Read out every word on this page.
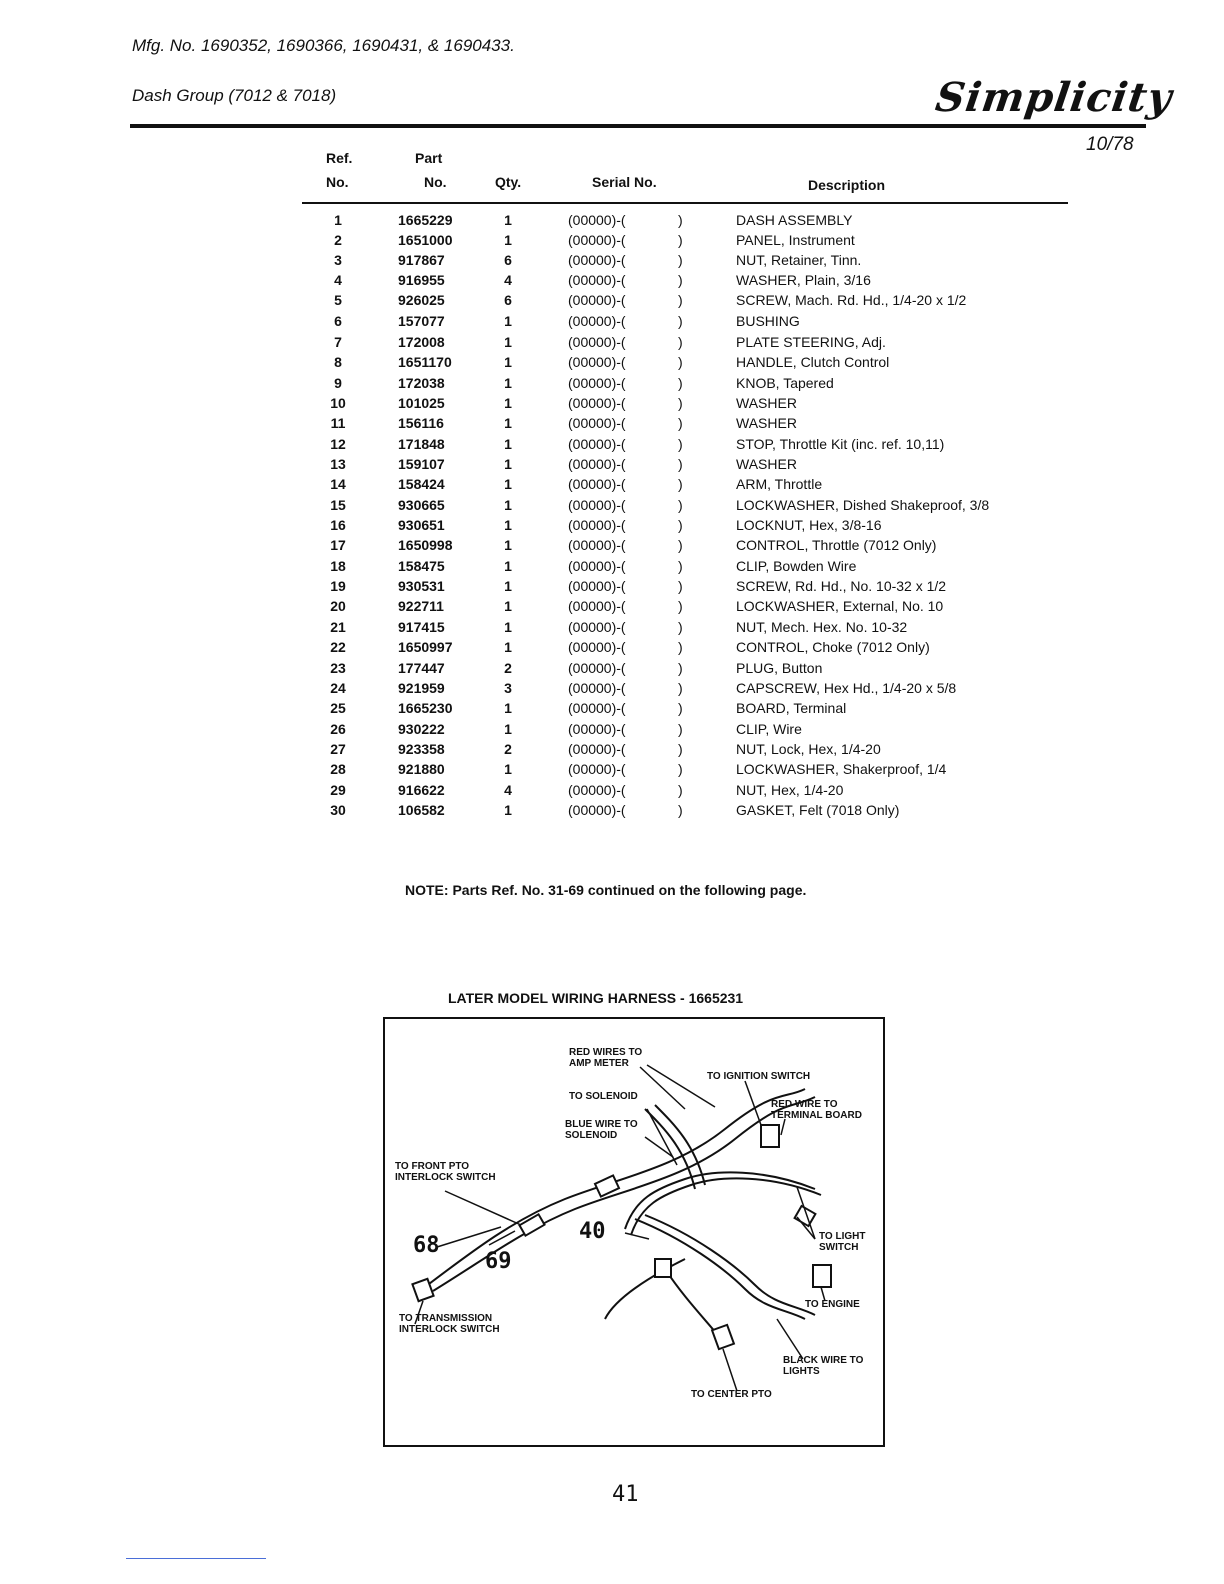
Mfg. No. 1690352, 1690366, 1690431, & 1690433.
Dash Group (7012 & 7018)	Simplicity
10/78
Ref.
No.
Part
No.	Qty.	Serial No.	Description
1	1665229	1	(00000)-(	)	DASH ASSEMBLY
2	1651000	1	(00000)-(	)	PANEL, Instrument
3	917867	6	(00000)-(	)	NUT, Retainer, Tinn.
4	916955	4	(00000)-(	)	WASHER, Plain, 3/16
5	926025	6	(00000)-(	)	SCREW, Mach. Rd. Hd., 1/4-20 x 1/2
6	157077	1	(00000)-(	)	BUSHING
7	172008	1	(00000)-(	)	PLATE STEERING, Adj.
8	1651170	1	(00000)-(	)	HANDLE, Clutch Control
9	172038	1	(00000)-(	)	KNOB, Tapered
10	101025	1	(00000)-(	)	WASHER
11	156116	1	(00000)-(	)	WASHER
12	171848	1	(00000)-(	)	STOP, Throttle Kit (inc. ref. 10,11)
13	159107	1	(00000)-(	)	WASHER
14	158424	1	(00000)-(	)	ARM, Throttle
15	930665	1	(00000)-(	)	LOCKWASHER, Dished Shakeproof, 3/8
16	930651	1	(00000)-(	)	LOCKNUT, Hex, 3/8-16
17	1650998	1	(00000)-(	)	CONTROL, Throttle (7012 Only)
18	158475	1	(00000)-(	)	CLIP, Bowden Wire
19	930531	1	(00000)-(	)	SCREW, Rd. Hd., No. 10-32 x 1/2
20	922711	1	(00000)-(	)	LOCKWASHER, External, No. 10
21	917415	1	(00000)-(	)	NUT, Mech. Hex. No. 10-32
22	1650997	1	(00000)-(	)	CONTROL, Choke (7012 Only)
23	177447	2	(00000)-(	)	PLUG, Button
24	921959	3	(00000)-(	)	CAPSCREW, Hex Hd., 1/4-20 x 5/8
25	1665230	1	(00000)-(	)	BOARD, Terminal
26	930222	1	(00000)-(	)	CLIP, Wire
27	923358	2	(00000)-(	)	NUT, Lock, Hex, 1/4-20
28	921880	1	(00000)-(	)	LOCKWASHER, Shakerproof, 1/4
29	916622	4	(00000)-(	)	NUT, Hex, 1/4-20
30	106582	1	(00000)-(	)	GASKET, Felt (7018 Only)
NOTE: Parts Ref. No. 31-69 continued on the following page.
LATER MODEL WIRING HARNESS - 1665231
RED WIRES TO
AMP METER
TO IGNITION SWITCH
TO SOLENOID
RED WIRE TO
TERMINAL BOARD
BLUE WIRE TO
SOLENOID
TO FRONT PTO
INTERLOCK SWITCH
TO LIGHT
SWITCH
TO ENGINE
TO TRANSMISSION
INTERLOCK SWITCH
BLACK WIRE TO
LIGHTS
TO CENTER PTO
68
69
40
41
